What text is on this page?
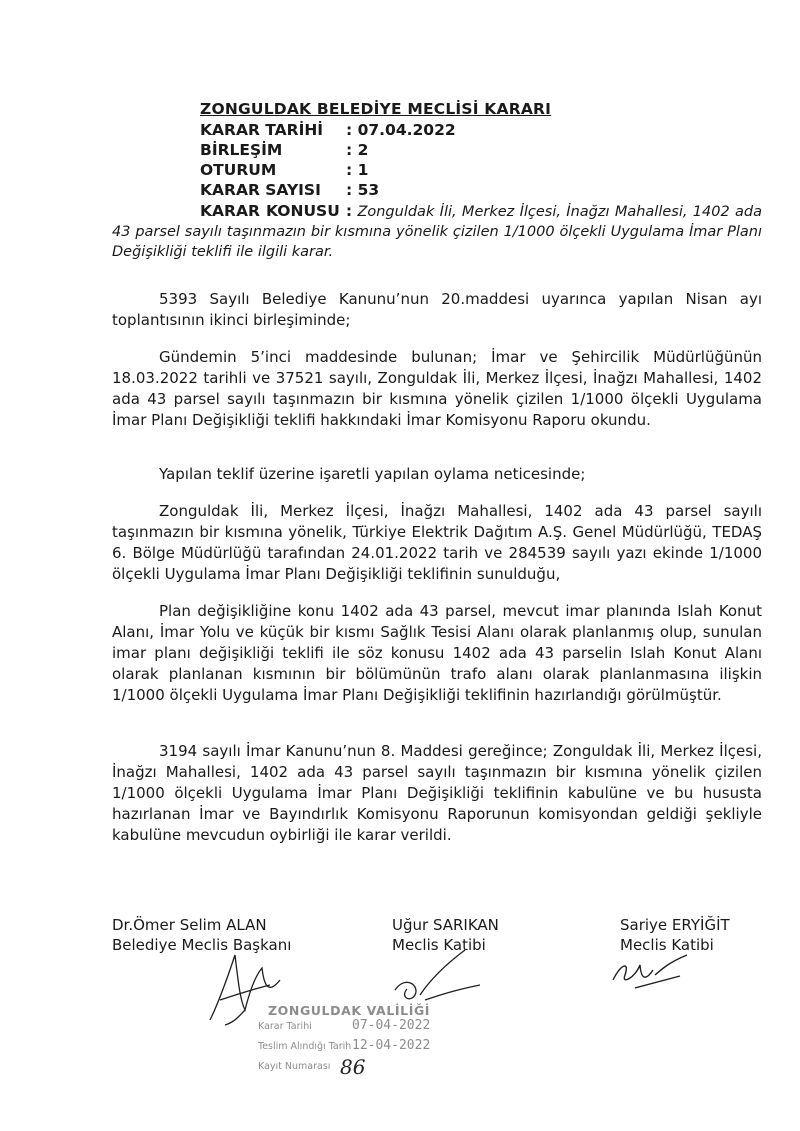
ZONGULDAK BELEDİYE MECLİSİ KARARI
KARAR TARİHİ : 07.04.2022
BİRLEŞİM	: 2
OTURUM	: 1
KARAR SAYISI : 53
KARAR KONUSU : Zonguldak İli, Merkez İlçesi, İnağzı Mahallesi, 1402 ada 43 parsel sayılı taşınmazın bir kısmına yönelik çizilen 1/1000 ölçekli Uygulama İmar Planı Değişikliği teklifi ile ilgili karar.
5393 Sayılı Belediye Kanunu’nun 20.maddesi uyarınca yapılan Nisan ayı toplantısının ikinci birleşiminde;
Gündemin 5’inci maddesinde bulunan; İmar ve Şehircilik Müdürlüğünün 18.03.2022 tarihli ve 37521 sayılı, Zonguldak İli, Merkez İlçesi, İnağzı Mahallesi, 1402 ada 43 parsel sayılı taşınmazın bir kısmına yönelik çizilen 1/1000 ölçekli Uygulama İmar Planı Değişikliği teklifi hakkındaki İmar Komisyonu Raporu okundu.
Yapılan teklif üzerine işaretli yapılan oylama neticesinde;
Zonguldak İli, Merkez İlçesi, İnağzı Mahallesi, 1402 ada 43 parsel sayılı taşınmazın bir kısmına yönelik, Türkiye Elektrik Dağıtım A.Ş. Genel Müdürlüğü, TEDAŞ 6. Bölge Müdürlüğü tarafından 24.01.2022 tarih ve 284539 sayılı yazı ekinde 1/1000 ölçekli Uygulama İmar Planı Değişikliği teklifinin sunulduğu,
Plan değişikliğine konu 1402 ada 43 parsel, mevcut imar planında Islah Konut Alanı, İmar Yolu ve küçük bir kısmı Sağlık Tesisi Alanı olarak planlanmış olup, sunulan imar planı değişikliği teklifi ile söz konusu 1402 ada 43 parselin Islah Konut Alanı olarak planlanan kısmının bir bölümünün trafo alanı olarak planlanmasına ilişkin 1/1000 ölçekli Uygulama İmar Planı Değişikliği teklifinin hazırlandığı görülmüştür.
3194 sayılı İmar Kanunu’nun 8. Maddesi gereğince; Zonguldak İli, Merkez İlçesi, İnağzı Mahallesi, 1402 ada 43 parsel sayılı taşınmazın bir kısmına yönelik çizilen 1/1000 ölçekli Uygulama İmar Planı Değişikliği teklifinin kabulüne ve bu hususta hazırlanan İmar ve Bayındırlık Komisyonu Raporunun komisyondan geldiği şekliyle kabulüne mevcudun oybirliği ile karar verildi.
Dr.Ömer Selim ALAN
Belediye Meclis Başkanı
Uğur SARIKAN
Meclis Katibi
Sariye ERYİĞİT
Meclis Katibi
ZONGULDAK VALİLİĞİ
Karar Tarihi	07-04-2022
Teslim Alındığı Tarih 12-04-2022
Kayıt Numarası 86
